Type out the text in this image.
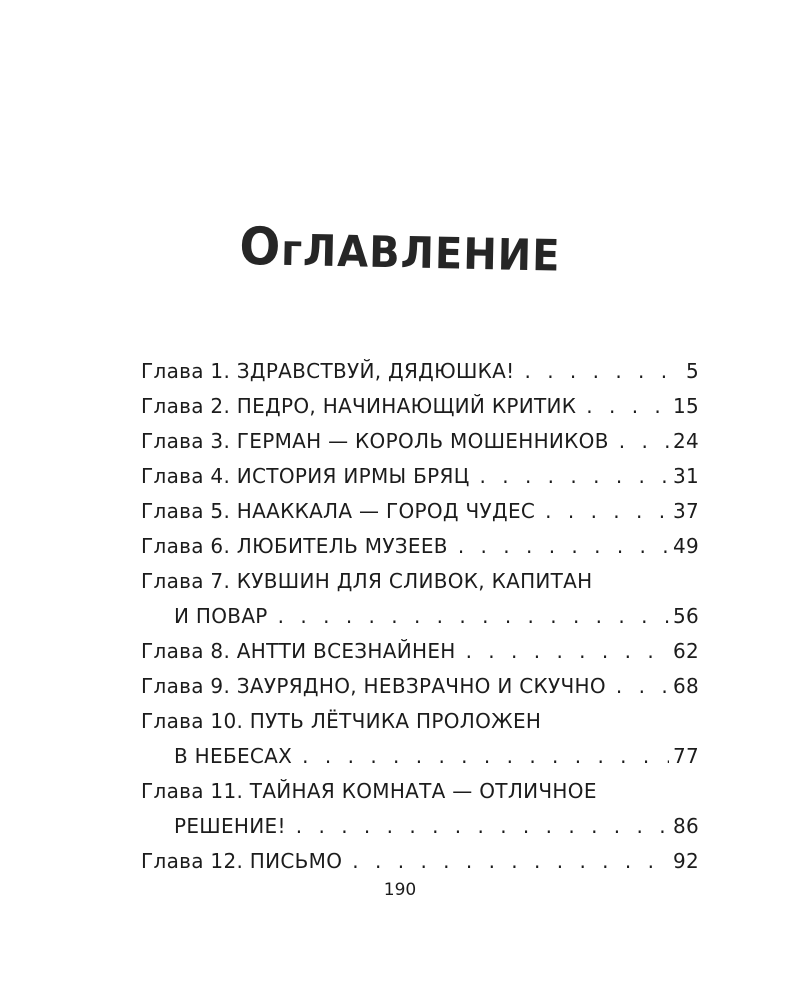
ОгЛАВЛЕНИЕ
Глава 1. ЗДРАВСТВУЙ, ДЯДЮШКА! . . .	5
Глава 2. ПЕДРО, НАЧИНАЮЩИЙ КРИТИК . . .	15
Глава 3. ГЕРМАН — КОРОЛЬ МОШЕННИКОВ . . .	24
Глава 4. ИСТОРИЯ ИРМЫ БРЯЦ . . .	31
Глава 5. НААККАЛА — ГОРОД ЧУДЕС . . .	37
Глава 6. ЛЮБИТЕЛЬ МУЗЕЕВ . . .	49
Глава 7. КУВШИН ДЛЯ СЛИВОК, КАПИТАН
И ПОВАР . . .	56
Глава 8. АНТТИ ВСЕЗНАЙНЕН . . .	62
Глава 9. ЗАУРЯДНО, НЕВЗРАЧНО И СКУЧНО . . .	68
Глава 10. ПУТЬ ЛЁТЧИКА ПРОЛОЖЕН
В НЕБЕСАХ . . .	77
Глава 11. ТАЙНАЯ КОМНАТА — ОТЛИЧНОЕ
РЕШЕНИЕ! . . .	86
Глава 12. ПИСЬМО . . .	92
190
